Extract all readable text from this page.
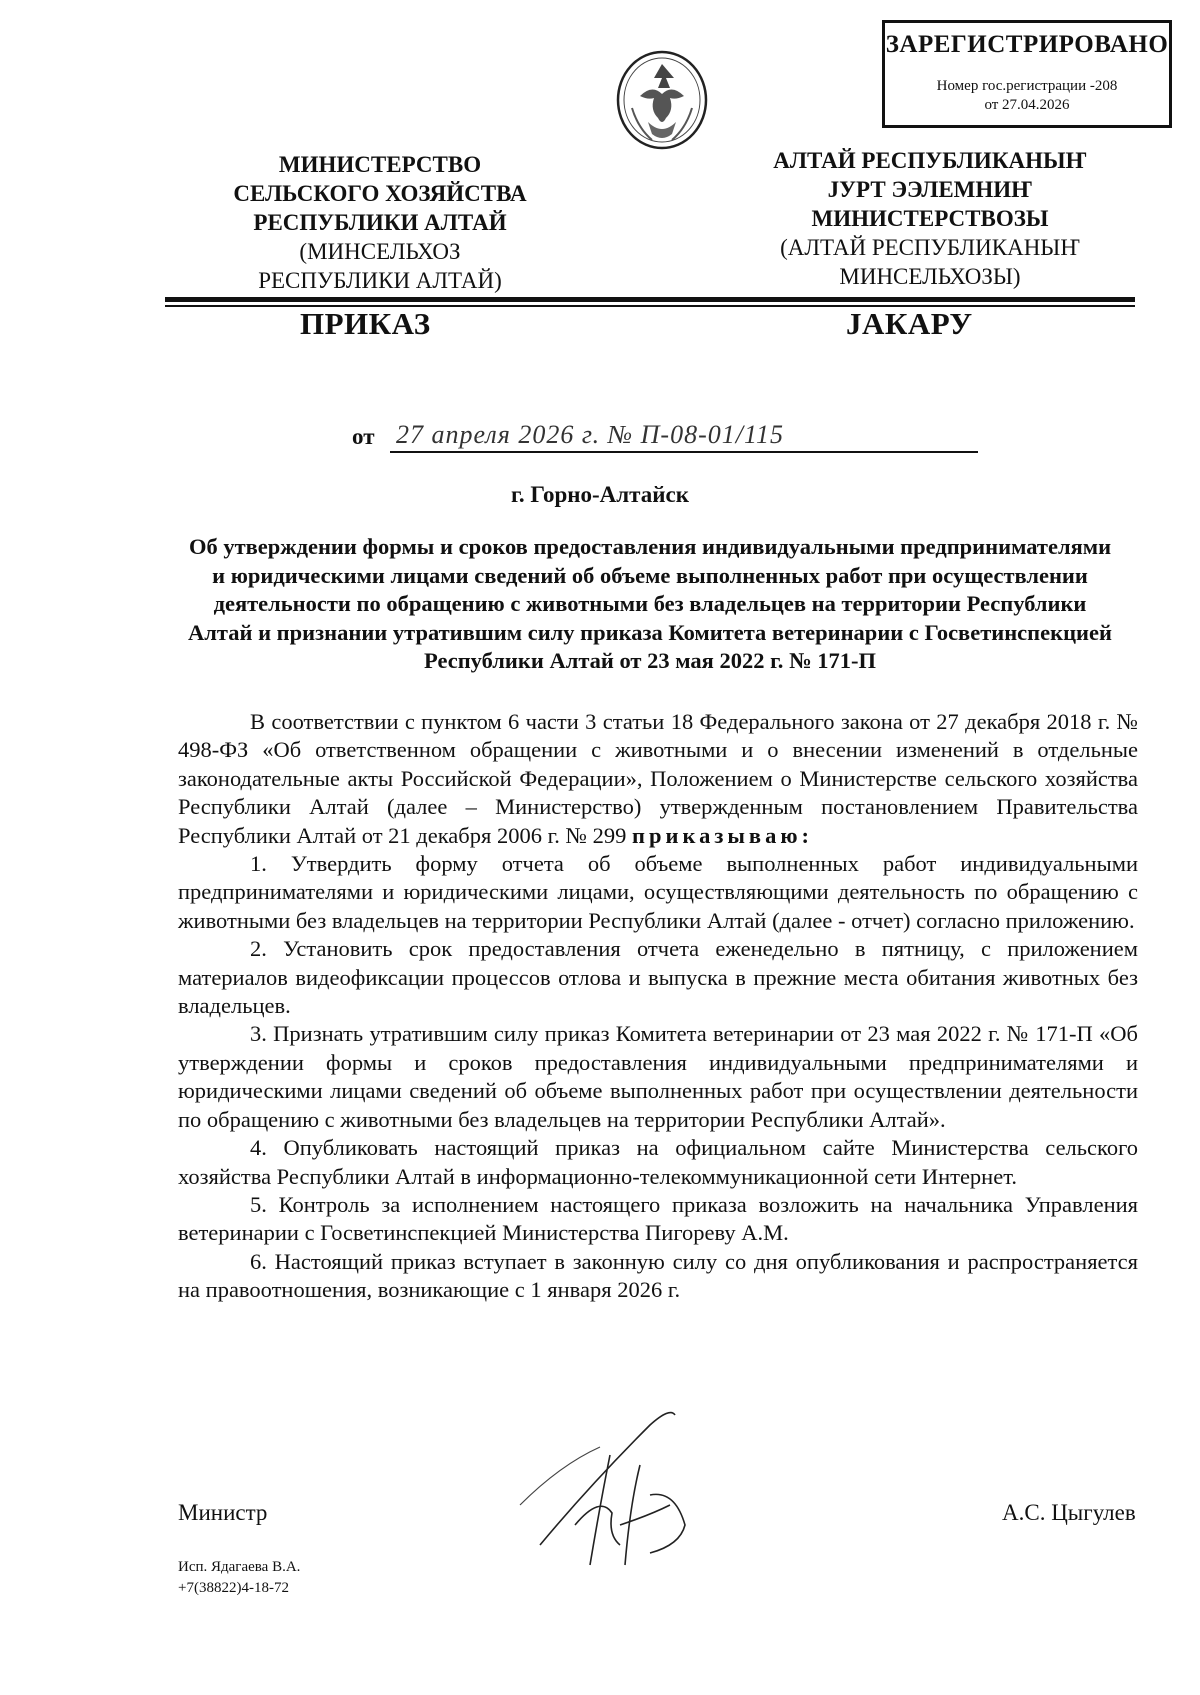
ЗАРЕГИСТРИРОВАНО
Номер гос.регистрации -208
от 27.04.2026
МИНИСТЕРСТВО
СЕЛЬСКОГО ХОЗЯЙСТВА
РЕСПУБЛИКИ АЛТАЙ
(МИНСЕЛЬХОЗ
РЕСПУБЛИКИ АЛТАЙ)
АЛТАЙ РЕСПУБЛИКАНЫҤ
ЈУРТ ЭЭЛЕМНИҤ
МИНИСТЕРСТВОЗЫ
(АЛТАЙ РЕСПУБЛИКАНЫҤ
МИНСЕЛЬХОЗЫ)
ПРИКАЗ	ЈАКАРУ
от 27 апреля 2026 г. № П-08-01/115
г. Горно-Алтайск
Об утверждении формы и сроков предоставления индивидуальными предпринимателями и юридическими лицами сведений об объеме выполненных работ при осуществлении деятельности по обращению с животными без владельцев на территории Республики Алтай и признании утратившим силу приказа Комитета ветеринарии с Госветинспекцией Республики Алтай от 23 мая 2022 г. № 171-П

В соответствии с пунктом 6 части 3 статьи 18 Федерального закона от 27 декабря 2018 г. № 498-ФЗ «Об ответственном обращении с животными и о внесении изменений в отдельные законодательные акты Российской Федерации», Положением о Министерстве сельского хозяйства Республики Алтай (далее – Министерство) утвержденным постановлением Правительства Республики Алтай от 21 декабря 2006 г. № 299 приказываю:

1. Утвердить форму отчета об объеме выполненных работ индивидуальными предпринимателями и юридическими лицами, осуществляющими деятельность по обращению с животными без владельцев на территории Республики Алтай (далее - отчет) согласно приложению.

2. Установить срок предоставления отчета еженедельно в пятницу, с приложением материалов видеофиксации процессов отлова и выпуска в прежние места обитания животных без владельцев.

3. Признать утратившим силу приказ Комитета ветеринарии от 23 мая 2022 г. № 171-П «Об утверждении формы и сроков предоставления индивидуальными предпринимателями и юридическими лицами сведений об объеме выполненных работ при осуществлении деятельности по обращению с животными без владельцев на территории Республики Алтай».

4. Опубликовать настоящий приказ на официальном сайте Министерства сельского хозяйства Республики Алтай в информационно-телекоммуникационной сети Интернет.

5. Контроль за исполнением настоящего приказа возложить на начальника Управления ветеринарии с Госветинспекцией Министерства Пигореву А.М.

6. Настоящий приказ вступает в законную силу со дня опубликования и распространяется на правоотношения, возникающие с 1 января 2026 г.

Министр	А.С. Цыгулев
Исп. Ядагаева В.А.
+7(38822)4-18-72
